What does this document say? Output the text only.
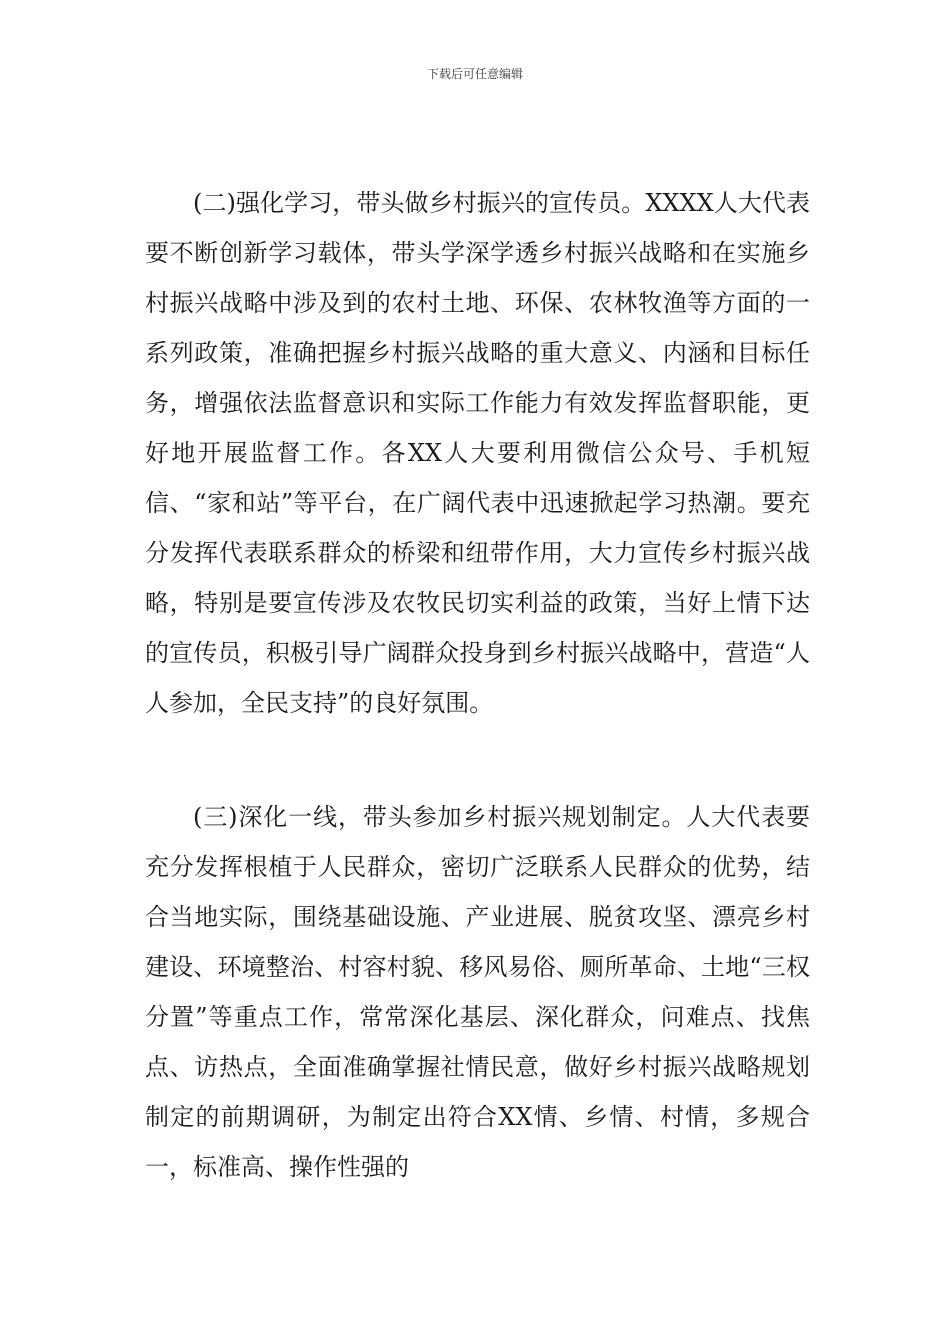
下载后可任意编辑

(二)强化学习，带头做乡村振兴的宣传员。XXXX人大代表要不断创新学习载体，带头学深学透乡村振兴战略和在实施乡村振兴战略中涉及到的农村土地、环保、农林牧渔等方面的一系列政策，准确把握乡村振兴战略的重大意义、内涵和目标任务，增强依法监督意识和实际工作能力有效发挥监督职能，更好地开展监督工作。各XX人大要利用微信公众号、手机短信、“家和站”等平台，在广阔代表中迅速掀起学习热潮。要充分发挥代表联系群众的桥梁和纽带作用，大力宣传乡村振兴战略，特别是要宣传涉及农牧民切实利益的政策，当好上情下达的宣传员，积极引导广阔群众投身到乡村振兴战略中，营造“人人参加，全民支持”的良好氛围。

(三)深化一线，带头参加乡村振兴规划制定。人大代表要充分发挥根植于人民群众，密切广泛联系人民群众的优势，结合当地实际，围绕基础设施、产业进展、脱贫攻坚、漂亮乡村建设、环境整治、村容村貌、移风易俗、厕所革命、土地“三权分置”等重点工作，常常深化基层、深化群众，问难点、找焦点、访热点，全面准确掌握社情民意，做好乡村振兴战略规划制定的前期调研，为制定出符合XX情、乡情、村情，多规合一，标准高、操作性强的
